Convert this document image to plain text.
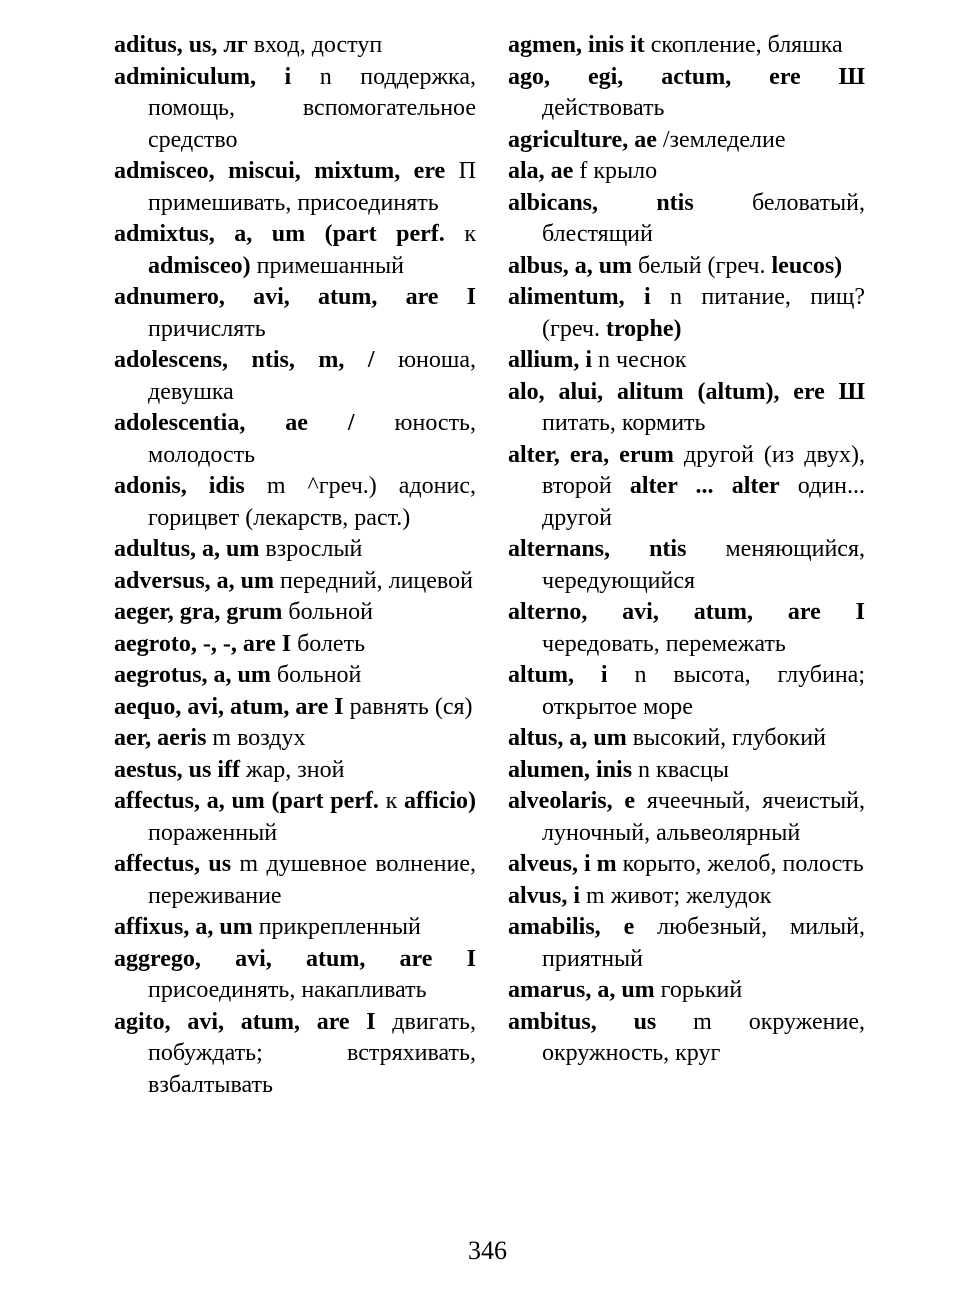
aditus, us, лг вход, доступ

adminiculum, i n поддержка, помощь, вспомогательное средство

admisceo, miscui, mixtum, ere П примешивать, присоединять

admixtus, a, um (part perf. к admisceo) примешанный

adnumero, avi, atum, are I причислять

adolescens, ntis, m, / юноша, девушка

adolescentia, ae / юность, молодость

adonis, idis m ^греч.) адонис, горицвет (лекарств, раст.)

adultus, a, um взрослый

adversus, a, um передний, лицевой

aeger, gra, grum больной

aegroto, -, -, are I болеть

aegrotus, a, um больной

aequo, avi, atum, are I равнять (ся)

aer, aeris m воздух

aestus, us iff жар, зной

affectus, a, um (part perf. к afficio) пораженный

affectus, us m душевное волнение, переживание

affixus, a, um прикрепленный

aggrego, avi, atum, are I присоединять, накапливать

agito, avi, atum, are I двигать, побуждать; встряхивать, взбалтывать

agmen, inis it скопление, бляшка

ago, egi, actum, ere Ш действовать

agriculture, ae /земледелие

ala, ae f крыло

albicans, ntis беловатый, блестящий

albus, a, um белый (греч. leucos)

alimentum, i n питание, пищ? (греч. trophe)

allium, i n чеснок

alo, alui, alitum (altum), ere Ш питать, кормить

alter, era, erum другой (из двух), второй alter ... alter один... другой

alternans, ntis меняющийся, чередующийся

alterno, avi, atum, are I чередовать, перемежать

altum, i n высота, глубина; открытое море

altus, a, um высокий, глубокий

alumen, inis n квасцы

alveolaris, e ячеечный, ячеистый, луночный, альвеолярный

alveus, i m корыто, желоб, полость

alvus, i m живот; желудок

amabilis, e любезный, милый, приятный

amarus, a, um горький

ambitus, us m окружение, окружность, круг

346
